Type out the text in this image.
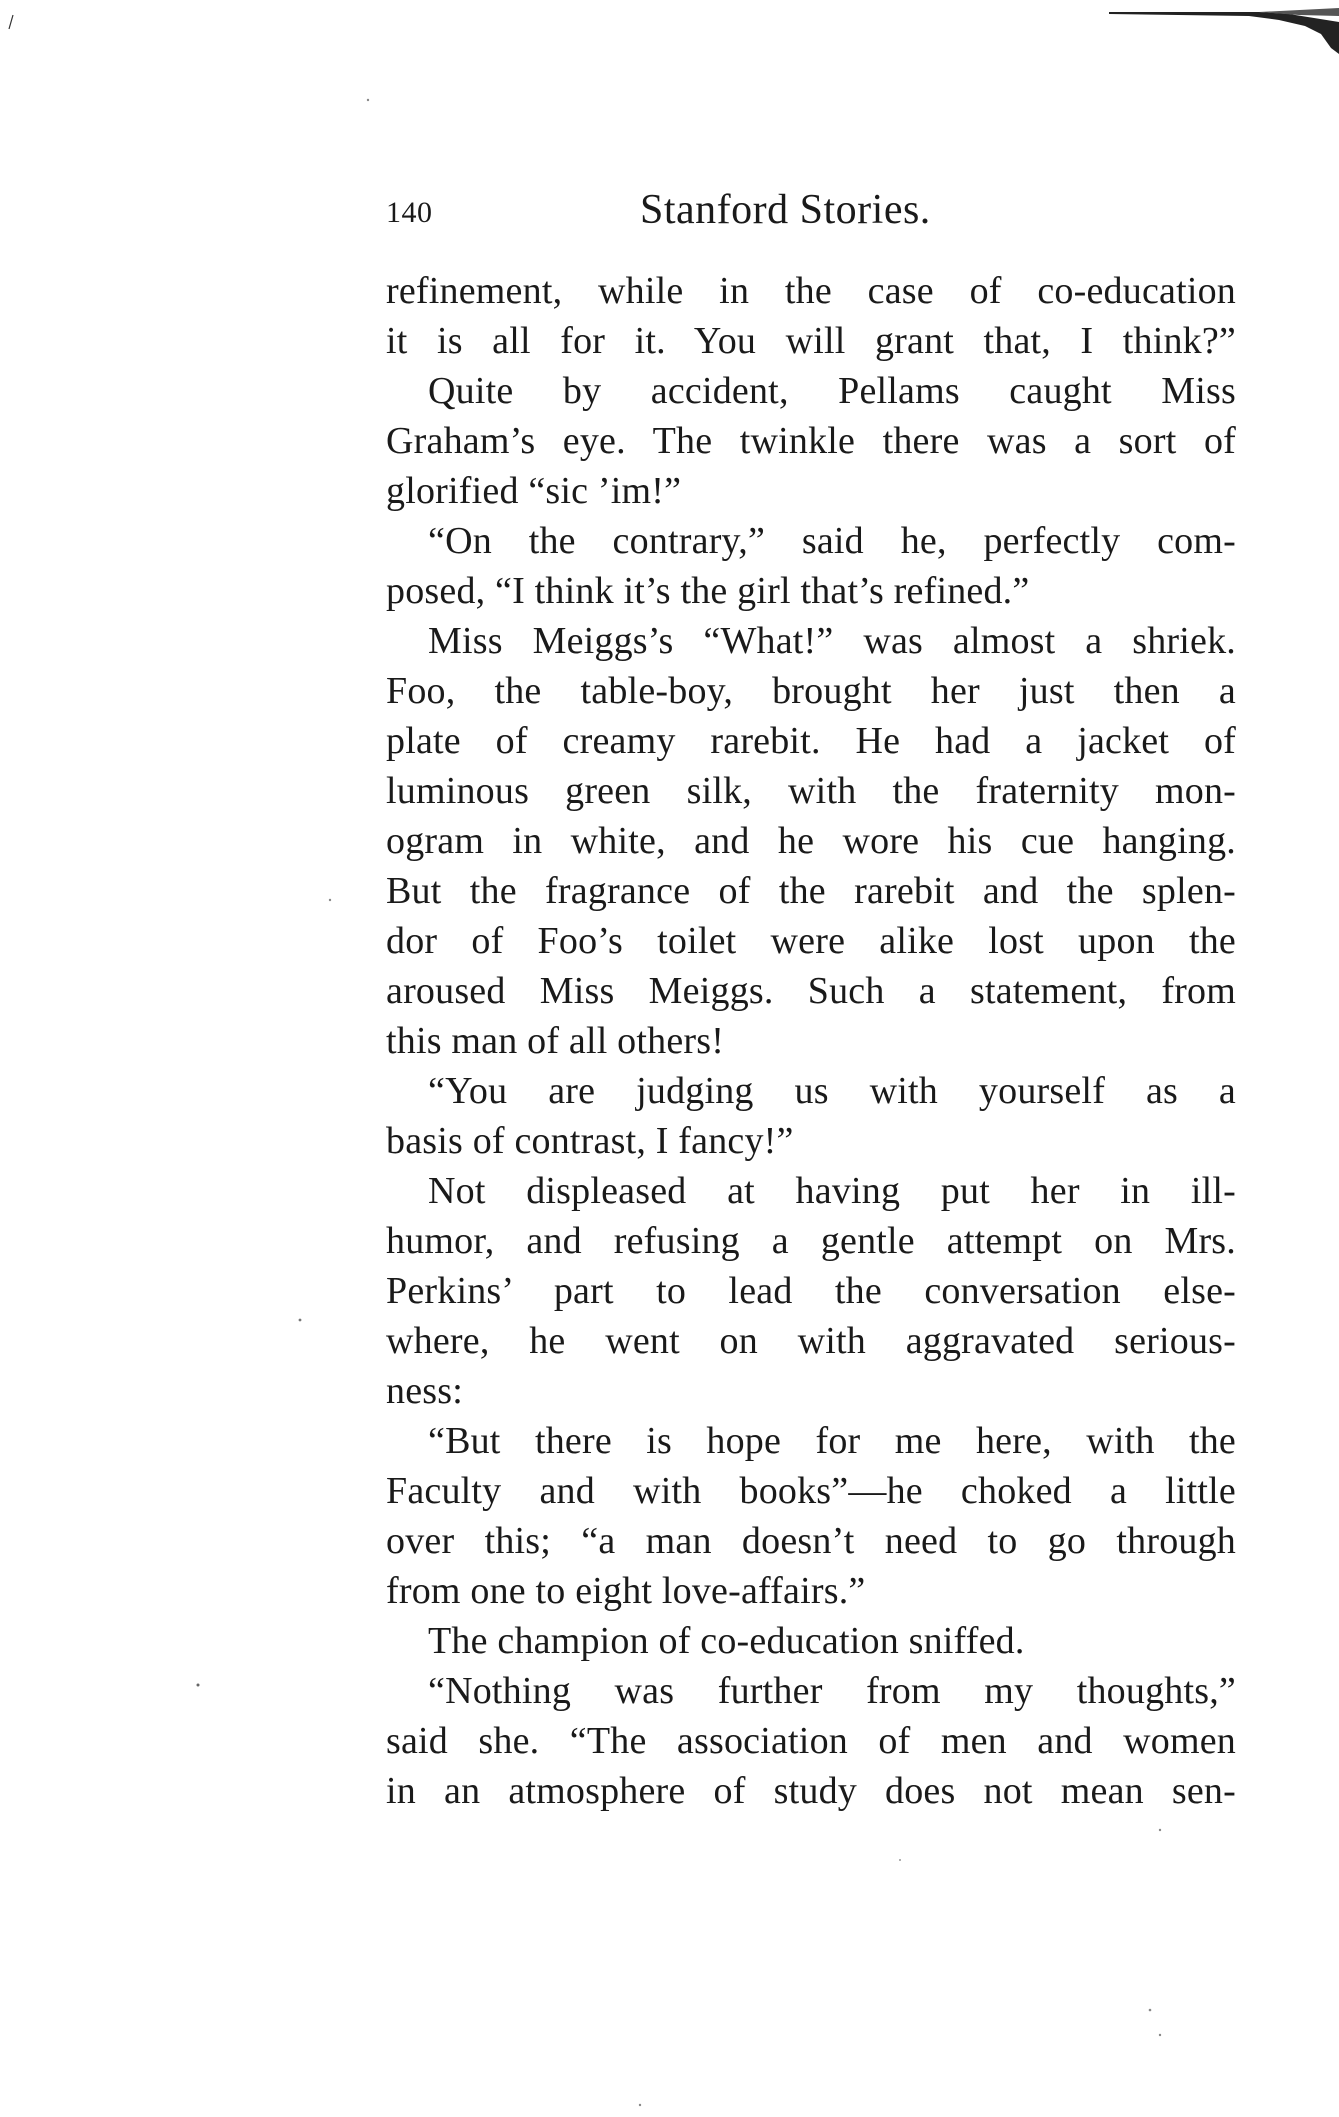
140	Stanford Stories.
refinement, while in the case of co-education
it is all for it. You will grant that, I think?”
Quite by accident, Pellams caught Miss
Graham’s eye. The twinkle there was a sort of
glorified “sic ’im!”
“On the contrary,” said he, perfectly com-
posed, “I think it’s the girl that’s refined.”
Miss Meiggs’s “What!” was almost a shriek.
Foo, the table-boy, brought her just then a
plate of creamy rarebit. He had a jacket of
luminous green silk, with the fraternity mon-
ogram in white, and he wore his cue hanging.
But the fragrance of the rarebit and the splen-
dor of Foo’s toilet were alike lost upon the
aroused Miss Meiggs. Such a statement, from
this man of all others!
“You are judging us with yourself as a
basis of contrast, I fancy!”
Not displeased at having put her in ill-
humor, and refusing a gentle attempt on Mrs.
Perkins’ part to lead the conversation else-
where, he went on with aggravated serious-
ness:
“But there is hope for me here, with the
Faculty and with books”—he choked a little
over this; “a man doesn’t need to go through
from one to eight love-affairs.”
The champion of co-education sniffed.
“Nothing was further from my thoughts,”
said she. “The association of men and women
in an atmosphere of study does not mean sen-
